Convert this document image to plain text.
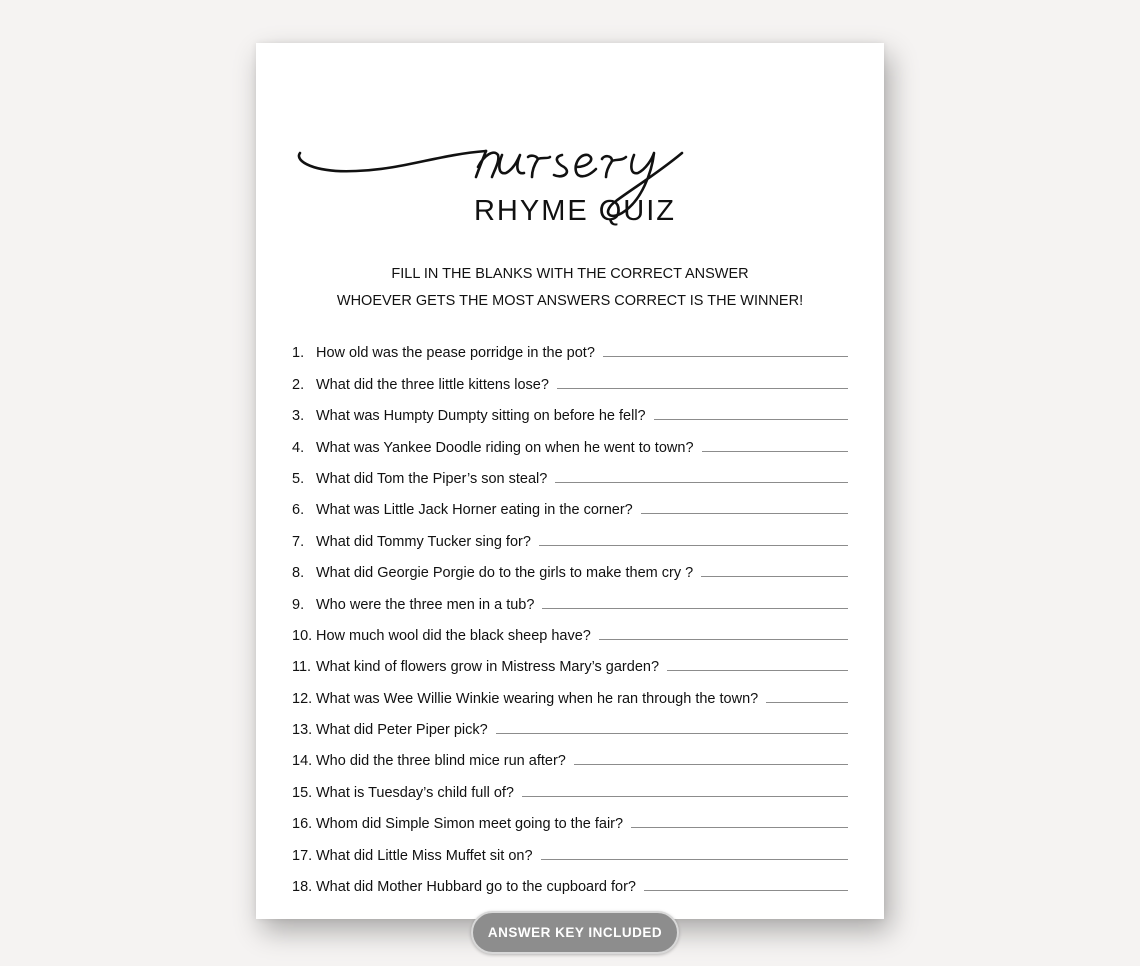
RHYME QUIZ
FILL IN THE BLANKS WITH THE CORRECT ANSWER
WHOEVER GETS THE MOST ANSWERS CORRECT IS THE WINNER!
1. How old was the pease porridge in the pot?
2. What did the three little kittens lose?
3. What was Humpty Dumpty sitting on before he fell?
4. What was Yankee Doodle riding on when he went to town?
5. What did Tom the Piper’s son steal?
6. What was Little Jack Horner eating in the corner?
7. What did Tommy Tucker sing for?
8. What did Georgie Porgie do to the girls to make them cry ?
9. Who were the three men in a tub?
10. How much wool did the black sheep have?
11. What kind of flowers grow in Mistress Mary’s garden?
12. What was Wee Willie Winkie wearing when he ran through the town?
13. What did Peter Piper pick?
14. Who did the three blind mice run after?
15. What is Tuesday’s child full of?
16. Whom did Simple Simon meet going to the fair?
17. What did Little Miss Muffet sit on?
18. What did Mother Hubbard go to the cupboard for?
ANSWER KEY INCLUDED
